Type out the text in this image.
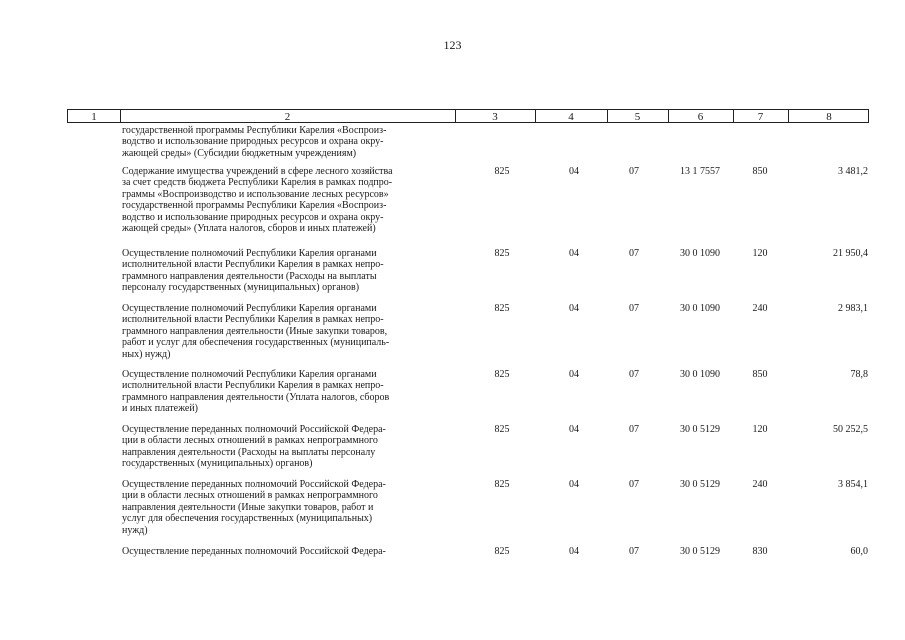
123
1	2	3	4	5	6	7	8
государственной программы Республики Карелия «Воспроиз-
водство и использование природных ресурсов и охрана окру-
жающей среды» (Субсидии бюджетным учреждениям)
Содержание имущества учреждений в сфере лесного хозяйства
за счет средств бюджета Республики Карелия в рамках подпро-
граммы «Воспроизводство и использование лесных ресурсов»
государственной программы Республики Карелия «Воспроиз-
водство и использование природных ресурсов и охрана окру-
жающей среды» (Уплата налогов, сборов и иных платежей)
825	04	07	13 1 7557	850	3 481,2
Осуществление полномочий Республики Карелия органами
исполнительной власти Республики Карелия в рамках непро-
граммного направления деятельности (Расходы на выплаты
персоналу государственных (муниципальных) органов)
825	04	07	30 0 1090	120	21 950,4
Осуществление полномочий Республики Карелия органами
исполнительной власти Республики Карелия в рамках непро-
граммного направления деятельности (Иные закупки товаров,
работ и услуг для обеспечения государственных (муниципаль-
ных) нужд)
825	04	07	30 0 1090	240	2 983,1
Осуществление полномочий Республики Карелия органами
исполнительной власти Республики Карелия в рамках непро-
граммного направления деятельности (Уплата налогов, сборов
и иных платежей)
825	04	07	30 0 1090	850	78,8
Осуществление переданных полномочий Российской Федера-
ции в области лесных отношений в рамках непрограммного
направления деятельности (Расходы на выплаты персоналу
государственных (муниципальных) органов)
825	04	07	30 0 5129	120	50 252,5
Осуществление переданных полномочий Российской Федера-
ции в области лесных отношений в рамках непрограммного
направления деятельности (Иные закупки товаров, работ и
услуг для обеспечения государственных (муниципальных)
нужд)
825	04	07	30 0 5129	240	3 854,1
Осуществление переданных полномочий Российской Федера-	825	04	07	30 0 5129	830	60,0
